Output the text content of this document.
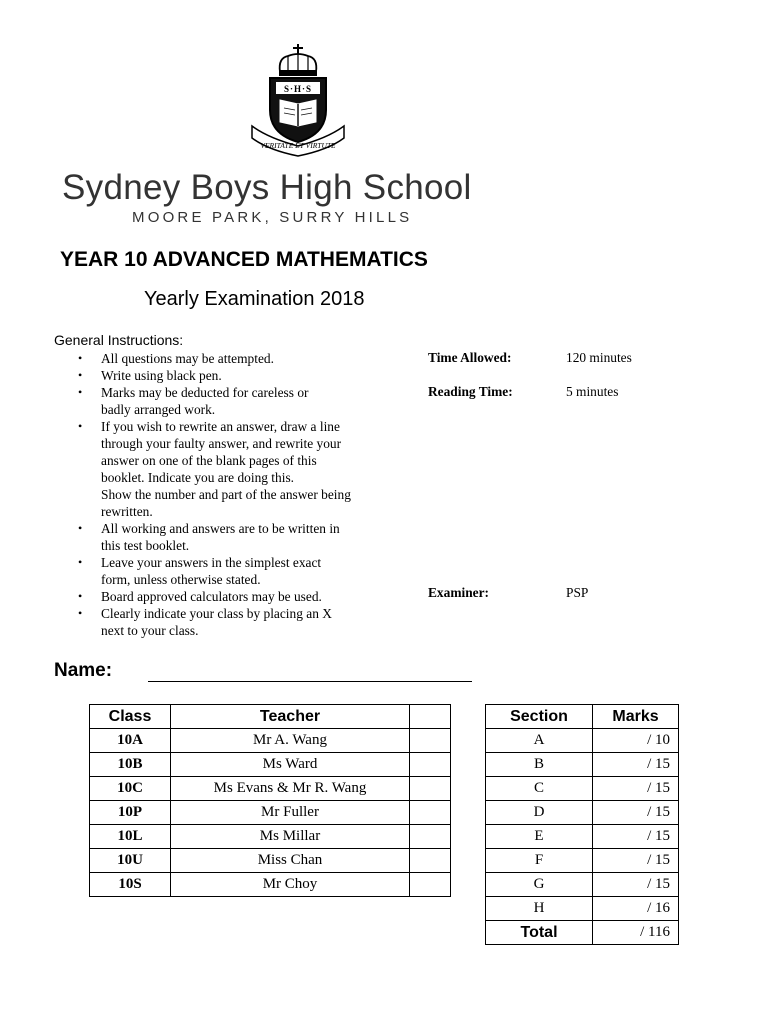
S·H·S
VERITATE ET VIRTUTE
Sydney Boys High School
MOORE PARK, SURRY HILLS
YEAR 10 ADVANCED MATHEMATICS
Yearly Examination 2018
General Instructions:
• All questions may be attempted.
• Write using black pen.
• Marks may be deducted for careless or
badly arranged work.
• If you wish to rewrite an answer, draw a line
through your faulty answer, and rewrite your
answer on one of the blank pages of this
booklet. Indicate you are doing this.
Show the number and part of the answer being
rewritten.
• All working and answers are to be written in
this test booklet.
• Leave your answers in the simplest exact
form, unless otherwise stated.
• Board approved calculators may be used.
• Clearly indicate your class by placing an X
next to your class.
Time Allowed:	120 minutes
Reading Time:	5 minutes
Examiner:	PSP
Name:
Class	Teacher	
10A	Mr A. Wang	
10B	Ms Ward	
10C	Ms Evans & Mr R. Wang	
10P	Mr Fuller	
10L	Ms Millar	
10U	Miss Chan	
10S	Mr Choy	
Section	Marks
A	/ 10
B	/ 15
C	/ 15
D	/ 15
E	/ 15
F	/ 15
G	/ 15
H	/ 16
Total	/ 116
